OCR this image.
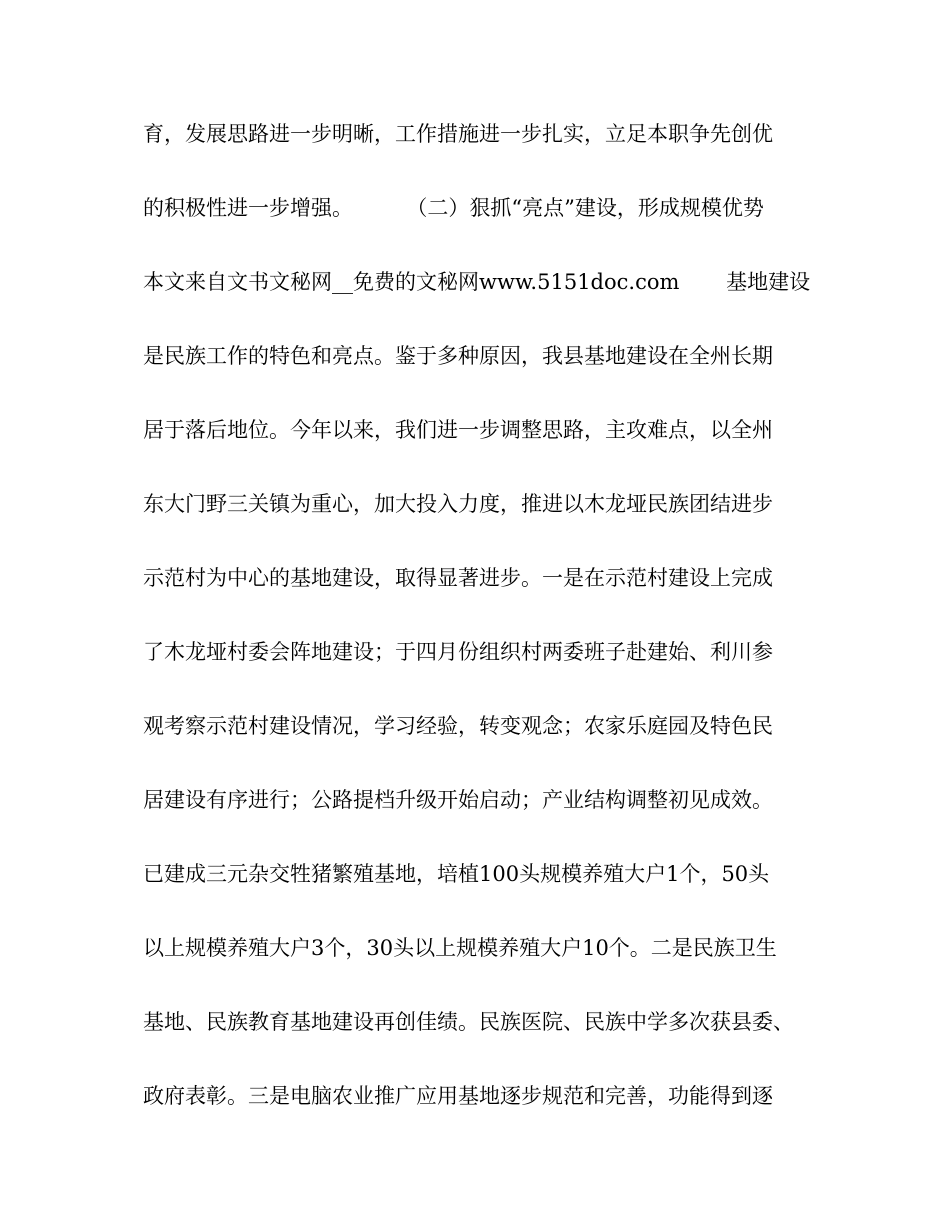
育，发展思路进一步明晰，工作措施进一步扎实，立足本职争先创优
的积极性进一步增强。        （二）狠抓“亮点”建设，形成规模优势
本文来自文书文秘网__免费的文秘网www.5151doc.com       基地建设
是民族工作的特色和亮点。鉴于多种原因，我县基地建设在全州长期
居于落后地位。今年以来，我们进一步调整思路，主攻难点，以全州
东大门野三关镇为重心，加大投入力度，推进以木龙垭民族团结进步
示范村为中心的基地建设，取得显著进步。一是在示范村建设上完成
了木龙垭村委会阵地建设；于四月份组织村两委班子赴建始、利川参
观考察示范村建设情况，学习经验，转变观念；农家乐庭园及特色民
居建设有序进行；公路提档升级开始启动；产业结构调整初见成效。
已建成三元杂交牲猪繁殖基地，培植100头规模养殖大户1个，50头
以上规模养殖大户3个，30头以上规模养殖大户10个。二是民族卫生
基地、民族教育基地建设再创佳绩。民族医院、民族中学多次获县委、
政府表彰。三是电脑农业推广应用基地逐步规范和完善，功能得到逐
